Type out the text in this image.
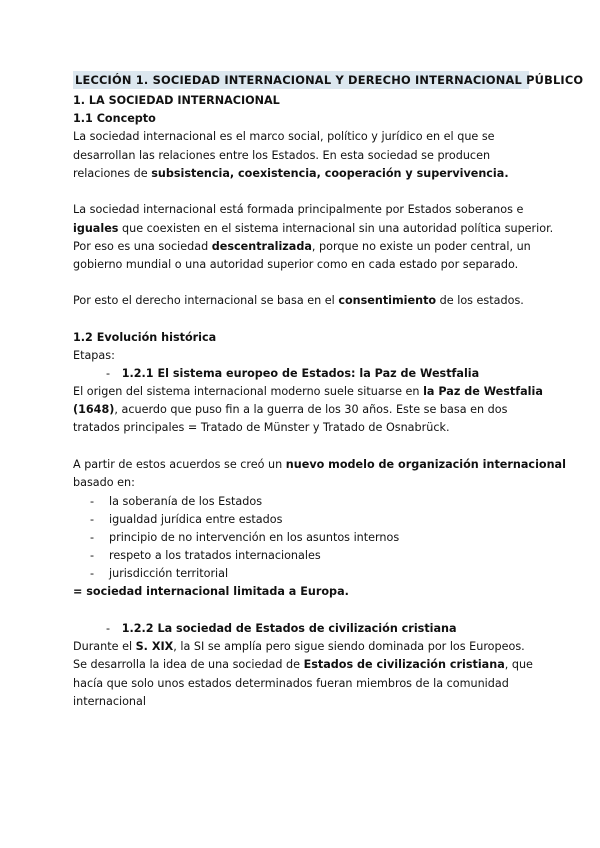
LECCIÓN 1. SOCIEDAD INTERNACIONAL Y DERECHO INTERNACIONAL PÚBLICO
1. LA SOCIEDAD INTERNACIONAL
1.1 Concepto
La sociedad internacional es el marco social, político y jurídico en el que se
desarrollan las relaciones entre los Estados. En esta sociedad se producen
relaciones de subsistencia, coexistencia, cooperación y supervivencia.
La sociedad internacional está formada principalmente por Estados soberanos e
iguales que coexisten en el sistema internacional sin una autoridad política superior.
Por eso es una sociedad descentralizada, porque no existe un poder central, un
gobierno mundial o una autoridad superior como en cada estado por separado.
Por esto el derecho internacional se basa en el consentimiento de los estados.
1.2 Evolución histórica
Etapas:
- 1.2.1 El sistema europeo de Estados: la Paz de Westfalia
El origen del sistema internacional moderno suele situarse en la Paz de Westfalia
(1648), acuerdo que puso fin a la guerra de los 30 años. Este se basa en dos
tratados principales = Tratado de Münster y Tratado de Osnabrück.
A partir de estos acuerdos se creó un nuevo modelo de organización internacional
basado en:
- la soberanía de los Estados
- igualdad jurídica entre estados
- principio de no intervención en los asuntos internos
- respeto a los tratados internacionales
- jurisdicción territorial
= sociedad internacional limitada a Europa.
- 1.2.2 La sociedad de Estados de civilización cristiana
Durante el S. XIX, la SI se amplía pero sigue siendo dominada por los Europeos.
Se desarrolla la idea de una sociedad de Estados de civilización cristiana, que
hacía que solo unos estados determinados fueran miembros de la comunidad
internacional
